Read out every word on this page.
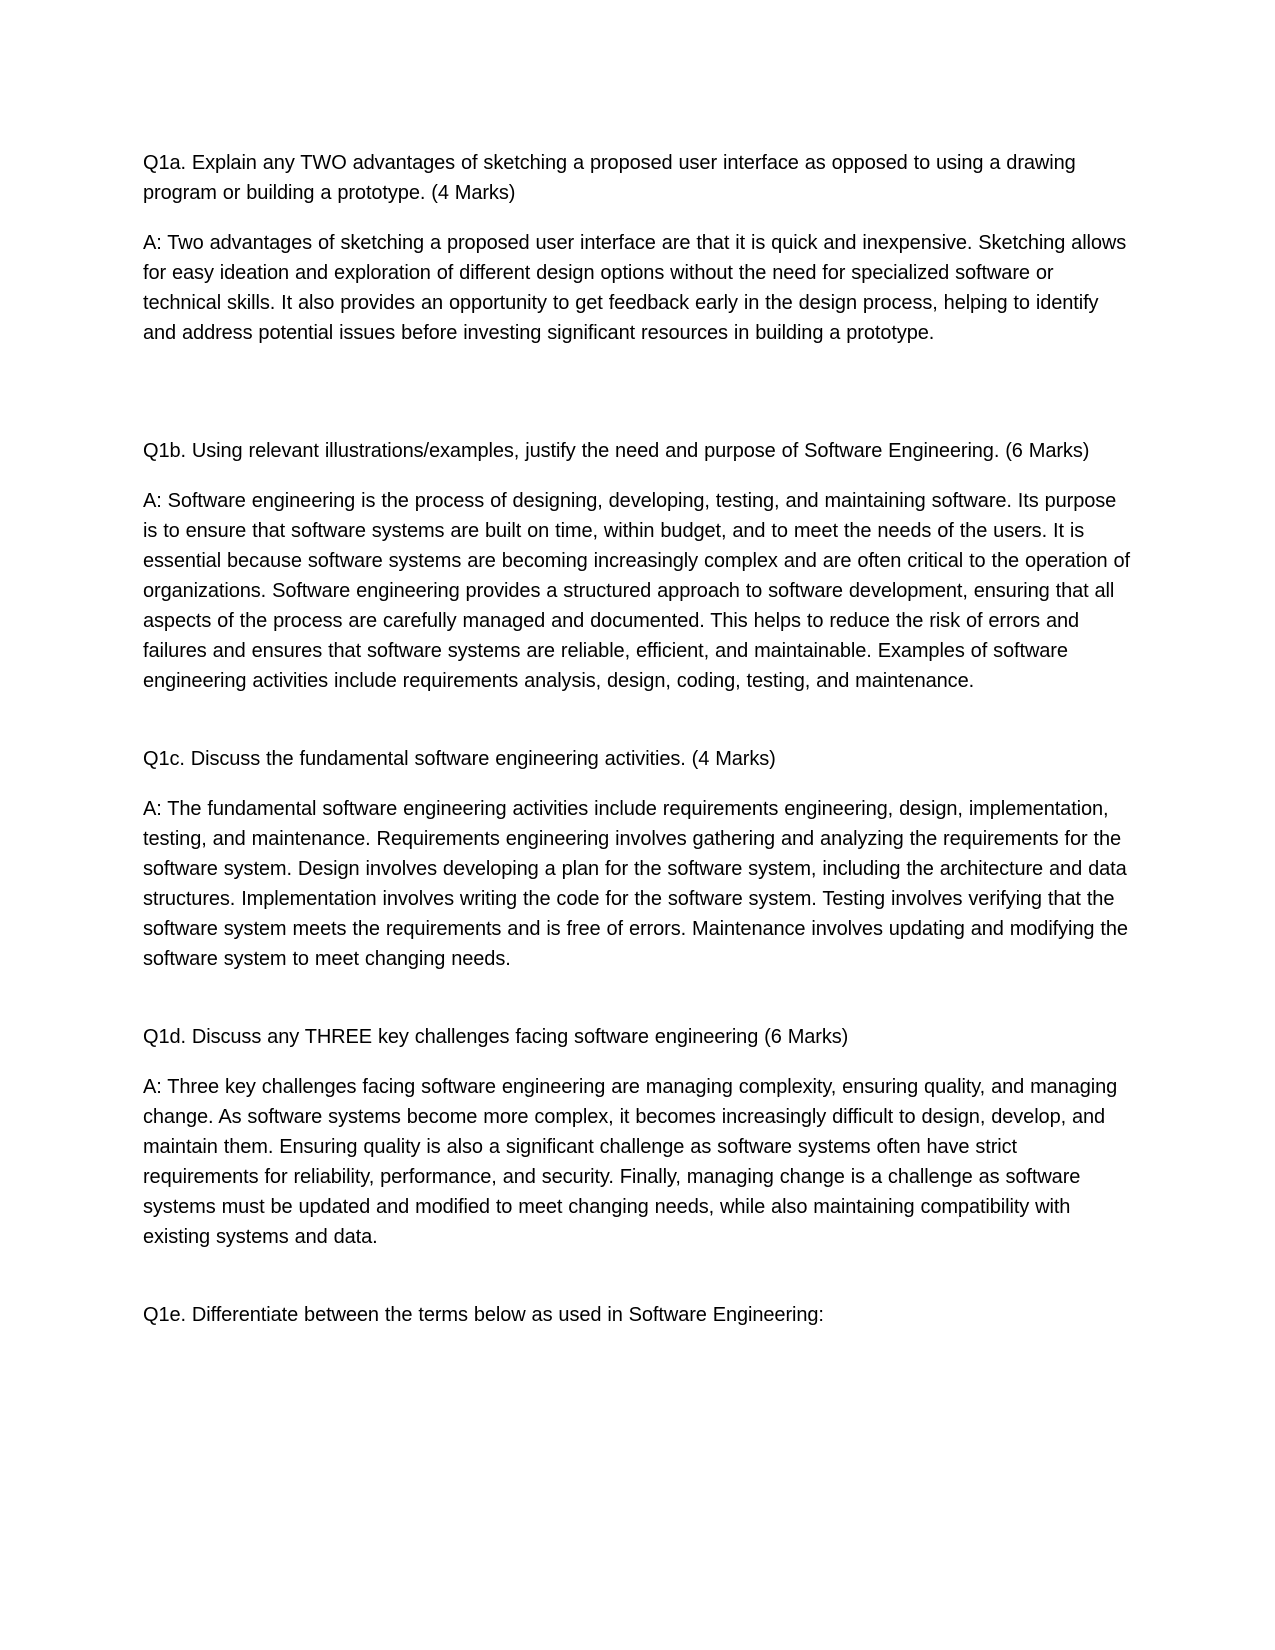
Q1a. Explain any TWO advantages of sketching a proposed user interface as opposed to using a drawing program or building a prototype. (4 Marks)

A: Two advantages of sketching a proposed user interface are that it is quick and inexpensive. Sketching allows for easy ideation and exploration of different design options without the need for specialized software or technical skills. It also provides an opportunity to get feedback early in the design process, helping to identify and address potential issues before investing significant resources in building a prototype.

Q1b. Using relevant illustrations/examples, justify the need and purpose of Software Engineering. (6 Marks)

A: Software engineering is the process of designing, developing, testing, and maintaining software. Its purpose is to ensure that software systems are built on time, within budget, and to meet the needs of the users. It is essential because software systems are becoming increasingly complex and are often critical to the operation of organizations. Software engineering provides a structured approach to software development, ensuring that all aspects of the process are carefully managed and documented. This helps to reduce the risk of errors and failures and ensures that software systems are reliable, efficient, and maintainable. Examples of software engineering activities include requirements analysis, design, coding, testing, and maintenance.

Q1c. Discuss the fundamental software engineering activities. (4 Marks)

A: The fundamental software engineering activities include requirements engineering, design, implementation, testing, and maintenance. Requirements engineering involves gathering and analyzing the requirements for the software system. Design involves developing a plan for the software system, including the architecture and data structures. Implementation involves writing the code for the software system. Testing involves verifying that the software system meets the requirements and is free of errors. Maintenance involves updating and modifying the software system to meet changing needs.

Q1d. Discuss any THREE key challenges facing software engineering (6 Marks)

A: Three key challenges facing software engineering are managing complexity, ensuring quality, and managing change. As software systems become more complex, it becomes increasingly difficult to design, develop, and maintain them. Ensuring quality is also a significant challenge as software systems often have strict requirements for reliability, performance, and security. Finally, managing change is a challenge as software systems must be updated and modified to meet changing needs, while also maintaining compatibility with existing systems and data.

Q1e. Differentiate between the terms below as used in Software Engineering:
